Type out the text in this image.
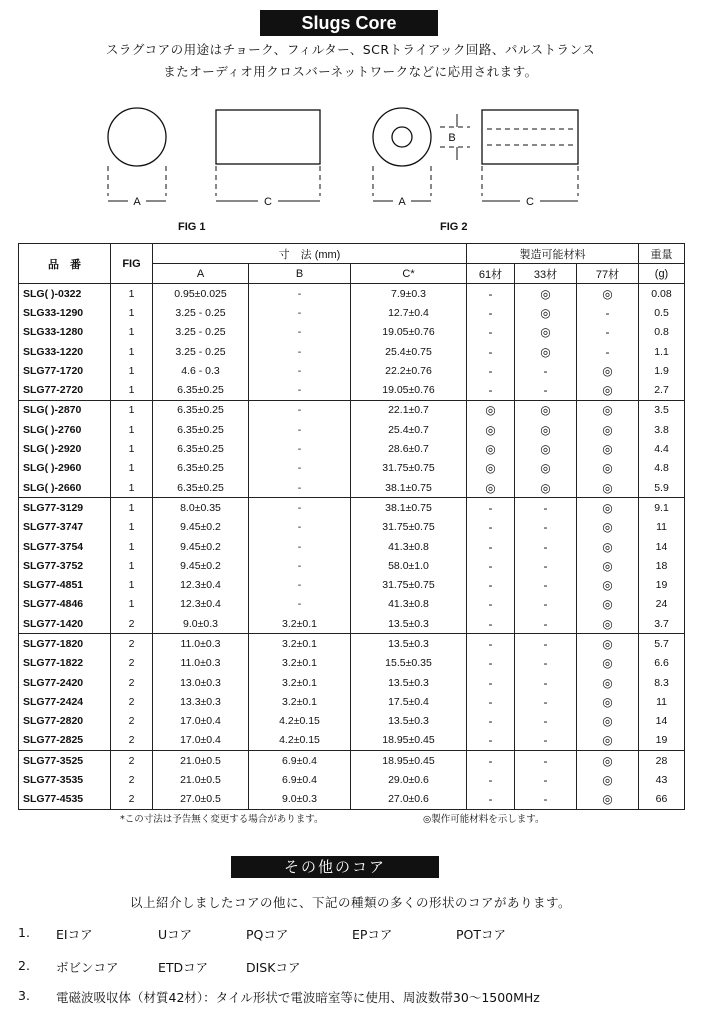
Slugs Core
スラグコアの用途はチョーク、フィルター、SCRトライアック回路、パルストランス
またオーディオ用クロスバーネットワークなどに応用されます。
A	C	A	C
B
FIG 1	FIG 2
品　番	FIG	寸　法 (mm)			製造可能材料			重量
		A	B	C*	61材	33材	77材	(g)
SLG( )-0322	1	0.95±0.025	-	7.9±0.3	-	◎	◎	0.08
SLG33-1290	1	3.25 - 0.25	-	12.7±0.4	-	◎	-	0.5
SLG33-1280	1	3.25 - 0.25	-	19.05±0.76	-	◎	-	0.8
SLG33-1220	1	3.25 - 0.25	-	25.4±0.75	-	◎	-	1.1
SLG77-1720	1	4.6 - 0.3	-	22.2±0.76	-	-	◎	1.9
SLG77-2720	1	6.35±0.25	-	19.05±0.76	-	-	◎	2.7
SLG( )-2870	1	6.35±0.25	-	22.1±0.7	◎	◎	◎	3.5
SLG( )-2760	1	6.35±0.25	-	25.4±0.7	◎	◎	◎	3.8
SLG( )-2920	1	6.35±0.25	-	28.6±0.7	◎	◎	◎	4.4
SLG( )-2960	1	6.35±0.25	-	31.75±0.75	◎	◎	◎	4.8
SLG( )-2660	1	6.35±0.25	-	38.1±0.75	◎	◎	◎	5.9
SLG77-3129	1	8.0±0.35	-	38.1±0.75	-	-	◎	9.1
SLG77-3747	1	9.45±0.2	-	31.75±0.75	-	-	◎	11
SLG77-3754	1	9.45±0.2	-	41.3±0.8	-	-	◎	14
SLG77-3752	1	9.45±0.2	-	58.0±1.0	-	-	◎	18
SLG77-4851	1	12.3±0.4	-	31.75±0.75	-	-	◎	19
SLG77-4846	1	12.3±0.4	-	41.3±0.8	-	-	◎	24
SLG77-1420	2	9.0±0.3	3.2±0.1	13.5±0.3	-	-	◎	3.7
SLG77-1820	2	11.0±0.3	3.2±0.1	13.5±0.3	-	-	◎	5.7
SLG77-1822	2	11.0±0.3	3.2±0.1	15.5±0.35	-	-	◎	6.6
SLG77-2420	2	13.0±0.3	3.2±0.1	13.5±0.3	-	-	◎	8.3
SLG77-2424	2	13.3±0.3	3.2±0.1	17.5±0.4	-	-	◎	11
SLG77-2820	2	17.0±0.4	4.2±0.15	13.5±0.3	-	-	◎	14
SLG77-2825	2	17.0±0.4	4.2±0.15	18.95±0.45	-	-	◎	19
SLG77-3525	2	21.0±0.5	6.9±0.4	18.95±0.45	-	-	◎	28
SLG77-3535	2	21.0±0.5	6.9±0.4	29.0±0.6	-	-	◎	43
SLG77-4535	2	27.0±0.5	9.0±0.3	27.0±0.6	-	-	◎	66
*この寸法は予告無く変更する場合があります。	◎製作可能材料を示します。
その他のコア
以上紹介しましたコアの他に、下記の種類の多くの形状のコアがあります。
1. EIコア	Uコア	PQコア	EPコア	POTコア
2. ボビンコア	ETDコア	DISKコア
3. 電磁波吸収体（材質42材）：タイル形状で電波暗室等に使用、周波数帯30～1500MHz
